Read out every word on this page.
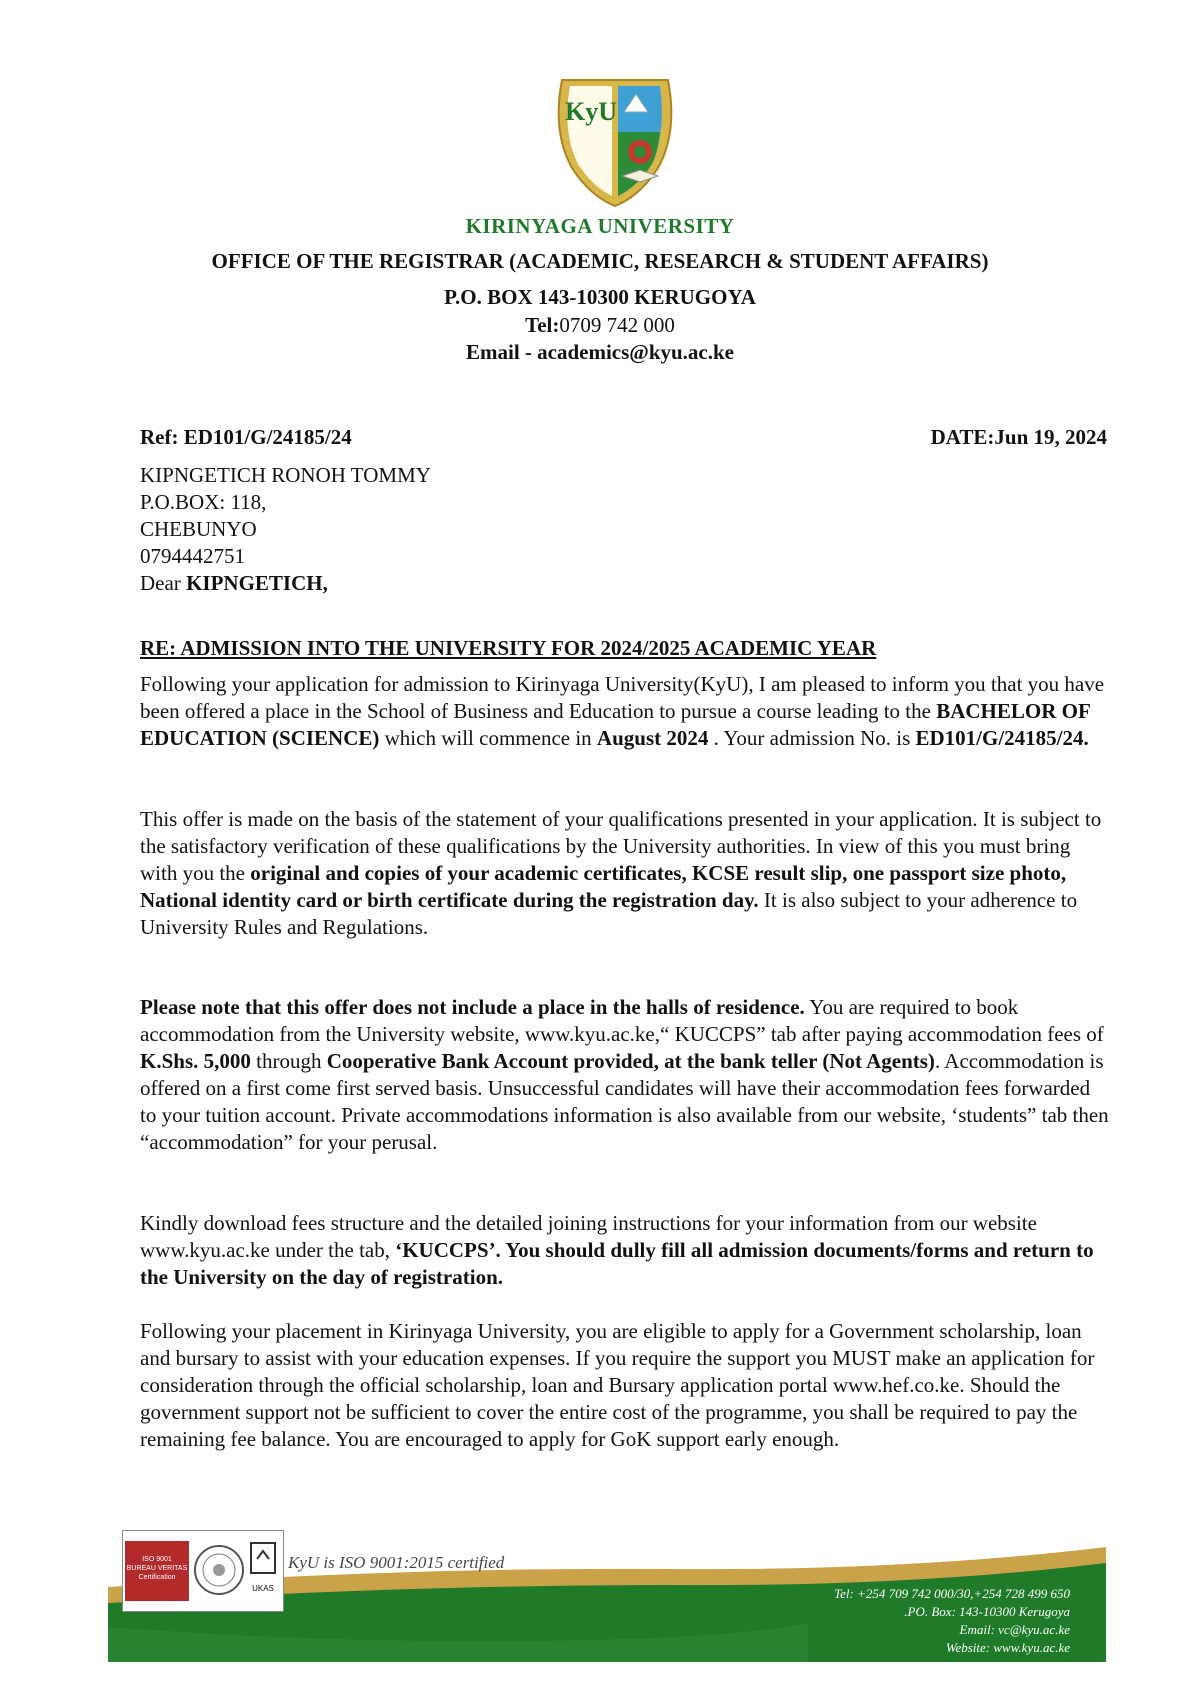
KyU
KIRINYAGA UNIVERSITY
OFFICE OF THE REGISTRAR (ACADEMIC, RESEARCH & STUDENT AFFAIRS)
P.O. BOX 143-10300 KERUGOYA
Tel:0709 742 000
Email - academics@kyu.ac.ke
Ref: ED101/G/24185/24	DATE:Jun 19, 2024
KIPNGETICH RONOH TOMMY
P.O.BOX: 118,
CHEBUNYO
0794442751
Dear KIPNGETICH,
RE: ADMISSION INTO THE UNIVERSITY FOR 2024/2025 ACADEMIC YEAR
Following your application for admission to Kirinyaga University(KyU), I am pleased to inform you that you have been offered a place in the School of Business and Education to pursue a course leading to the BACHELOR OF EDUCATION (SCIENCE) which will commence in August 2024 . Your admission No. is ED101/G/24185/24.
This offer is made on the basis of the statement of your qualifications presented in your application. It is subject to the satisfactory verification of these qualifications by the University authorities. In view of this you must bring with you the original and copies of your academic certificates, KCSE result slip, one passport size photo, National identity card or birth certificate during the registration day. It is also subject to your adherence to University Rules and Regulations.
Please note that this offer does not include a place in the halls of residence. You are required to book accommodation from the University website, www.kyu.ac.ke,“ KUCCPS” tab after paying accommodation fees of K.Shs. 5,000 through Cooperative Bank Account provided, at the bank teller (Not Agents). Accommodation is offered on a first come first served basis. Unsuccessful candidates will have their accommodation fees forwarded to your tuition account. Private accommodations information is also available from our website, ‘students” tab then “accommodation” for your perusal.
Kindly download fees structure and the detailed joining instructions for your information from our website www.kyu.ac.ke under the tab, ‘KUCCPS’. You should dully fill all admission documents/forms and return to the University on the day of registration.
Following your placement in Kirinyaga University, you are eligible to apply for a Government scholarship, loan and bursary to assist with your education expenses. If you require the support you MUST make an application for consideration through the official scholarship, loan and Bursary application portal www.hef.co.ke. Should the government support not be sufficient to cover the entire cost of the programme, you shall be required to pay the remaining fee balance. You are encouraged to apply for GoK support early enough.
ISO 9001
BUREAU VERITAS Certification
UKAS
KyU is ISO 9001:2015 certified
Tel: +254 709 742 000/30,+254 728 499 650
.PO. Box: 143-10300 Kerugoya
Email: vc@kyu.ac.ke
Website: www.kyu.ac.ke
